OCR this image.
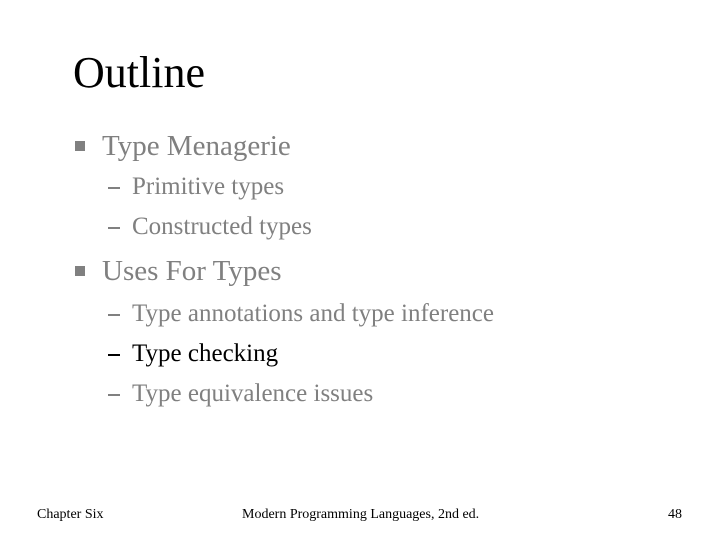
Outline
Type Menagerie
Primitive types
Constructed types
Uses For Types
Type annotations and type inference
Type checking
Type equivalence issues
Chapter Six	Modern Programming Languages, 2nd ed.	48
